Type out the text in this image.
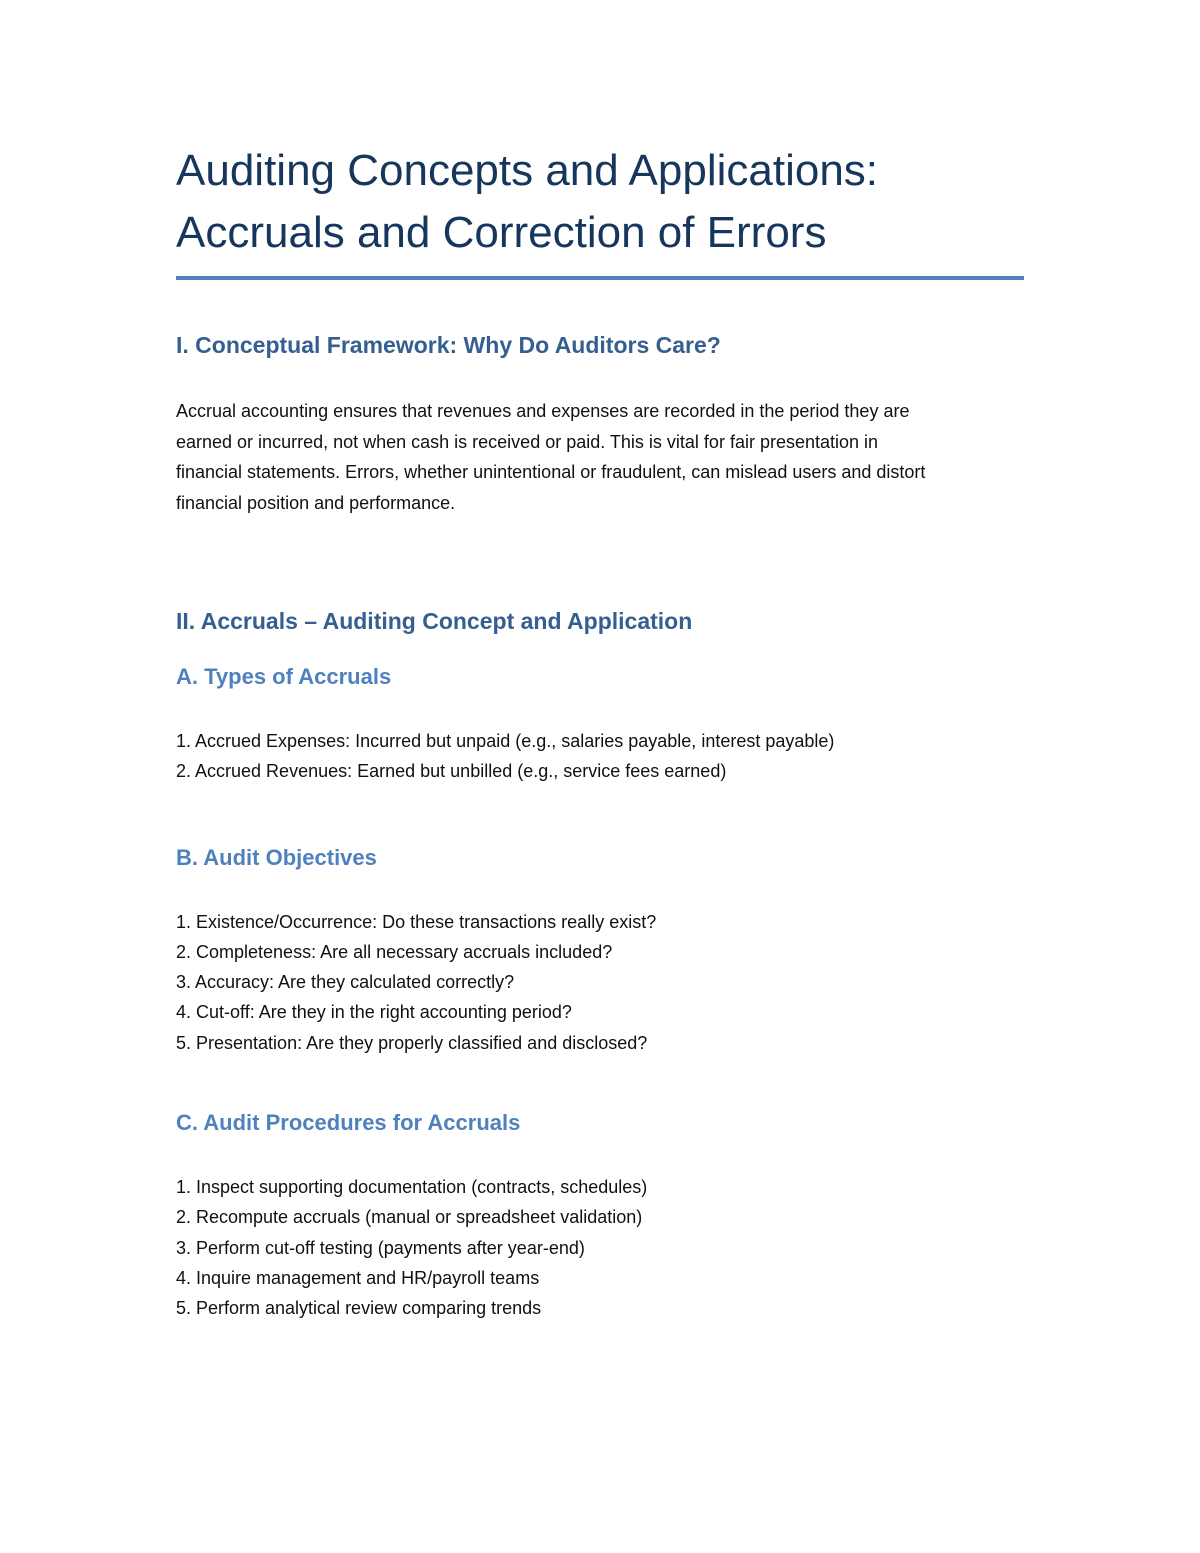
Auditing Concepts and Applications:
Accruals and Correction of Errors
I. Conceptual Framework: Why Do Auditors Care?

Accrual accounting ensures that revenues and expenses are recorded in the period they are
earned or incurred, not when cash is received or paid. This is vital for fair presentation in
financial statements. Errors, whether unintentional or fraudulent, can mislead users and distort
financial position and performance.

II. Accruals – Auditing Concept and Application
A. Types of Accruals
1. Accrued Expenses: Incurred but unpaid (e.g., salaries payable, interest payable)
2. Accrued Revenues: Earned but unbilled (e.g., service fees earned)
B. Audit Objectives
1. Existence/Occurrence: Do these transactions really exist?
2. Completeness: Are all necessary accruals included?
3. Accuracy: Are they calculated correctly?
4. Cut-off: Are they in the right accounting period?
5. Presentation: Are they properly classified and disclosed?
C. Audit Procedures for Accruals
1. Inspect supporting documentation (contracts, schedules)
2. Recompute accruals (manual or spreadsheet validation)
3. Perform cut-off testing (payments after year-end)
4. Inquire management and HR/payroll teams
5. Perform analytical review comparing trends
